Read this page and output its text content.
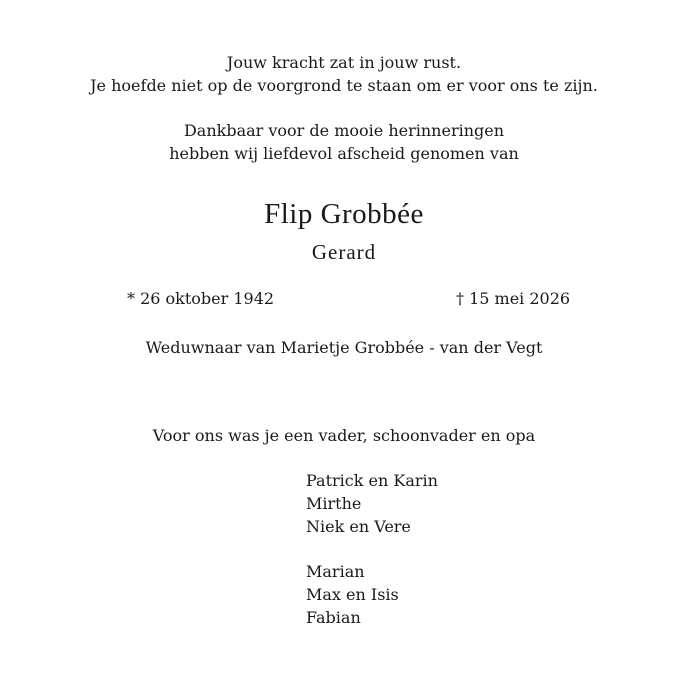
Jouw kracht zat in jouw rust.
Je hoefde niet op de voorgrond te staan om er voor ons te zijn.
Dankbaar voor de mooie herinneringen
hebben wij liefdevol afscheid genomen van
Flip Grobbée
Gerard
* 26 oktober 1942	† 15 mei 2026
Weduwnaar van Marietje Grobbée - van der Vegt
Voor ons was je een vader, schoonvader en opa
Patrick en Karin
Mirthe
Niek en Vere
Marian
Max en Isis
Fabian
